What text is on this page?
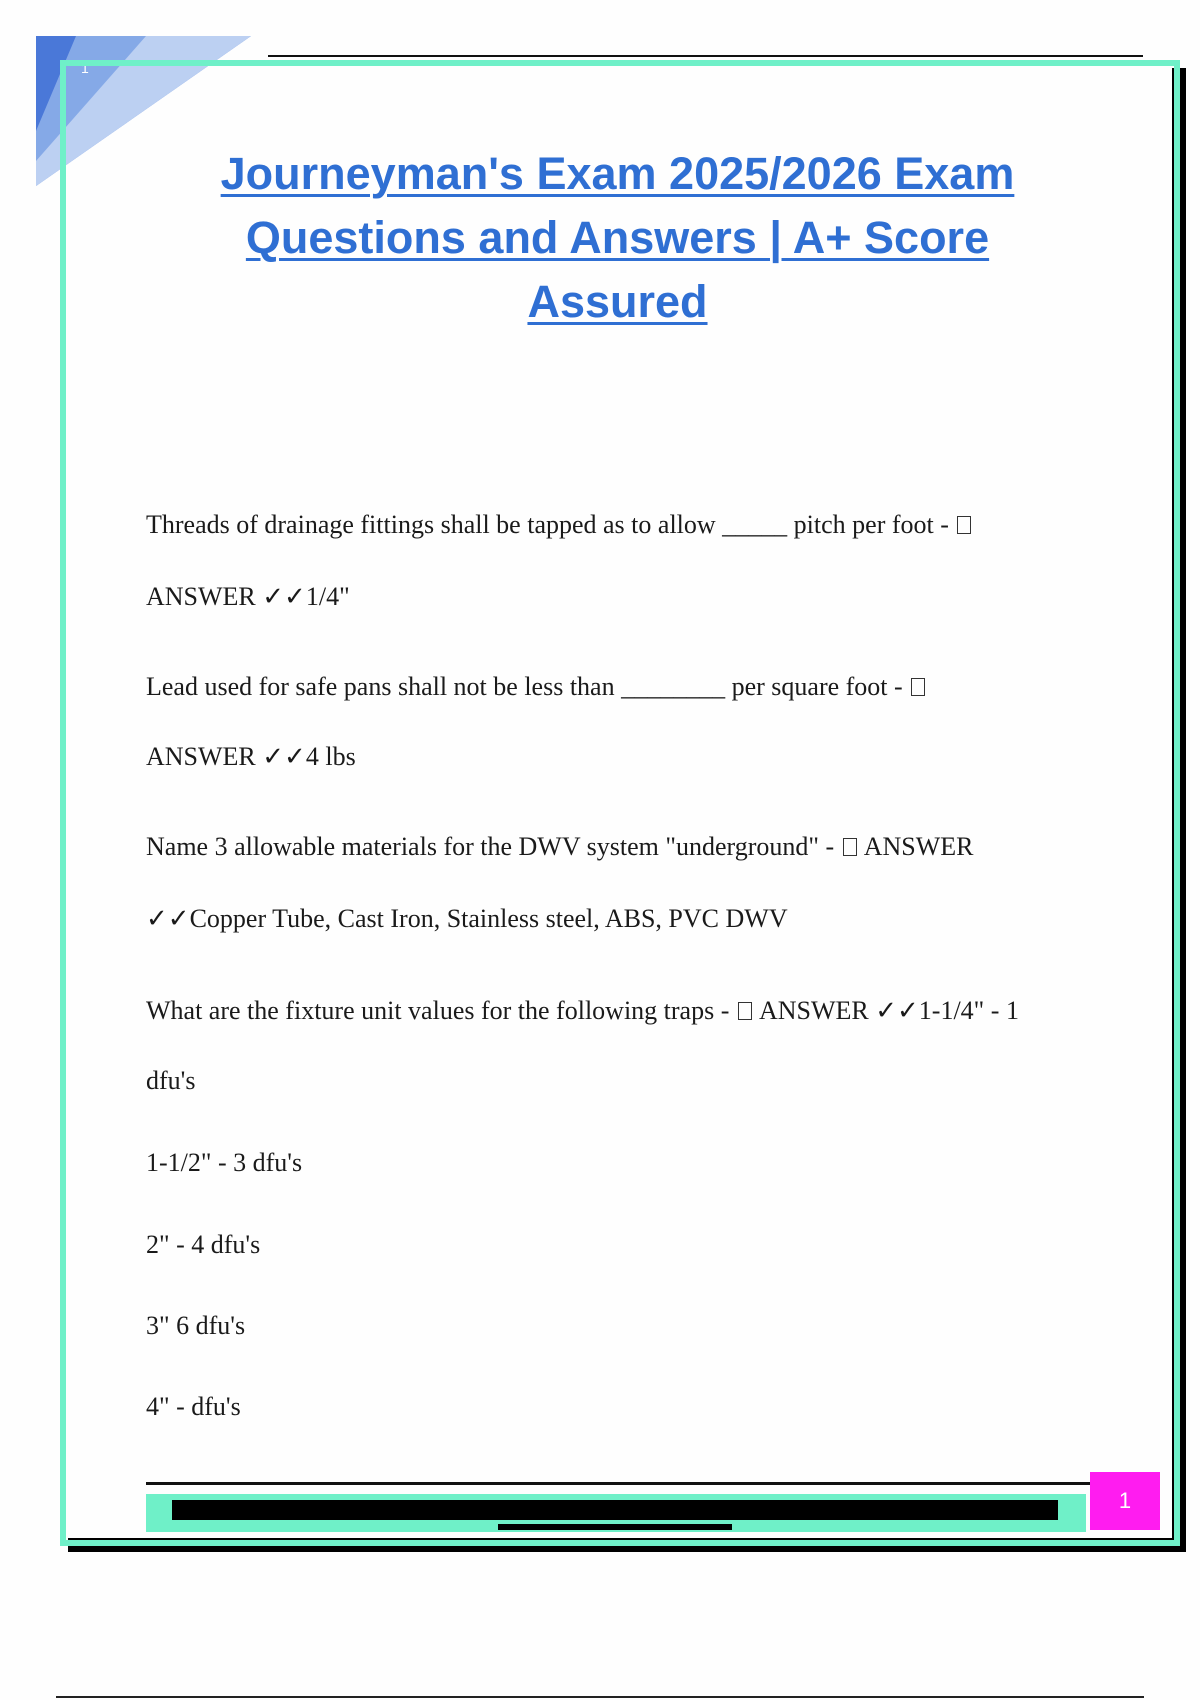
1
Journeyman's Exam 2025/2026 Exam
Questions and Answers | A+ Score
Assured
Threads of drainage fittings shall be tapped as to allow _____ pitch per foot -
ANSWER ✓✓1/4"
Lead used for safe pans shall not be less than ________ per square foot -
ANSWER ✓✓4 lbs
Name 3 allowable materials for the DWV system "underground" -  ANSWER
✓✓Copper Tube, Cast Iron, Stainless steel, ABS, PVC DWV
What are the fixture unit values for the following traps -  ANSWER ✓✓1-1/4" - 1
dfu's
1-1/2" - 3 dfu's
2" - 4 dfu's
3" 6 dfu's
4" - dfu's
1
